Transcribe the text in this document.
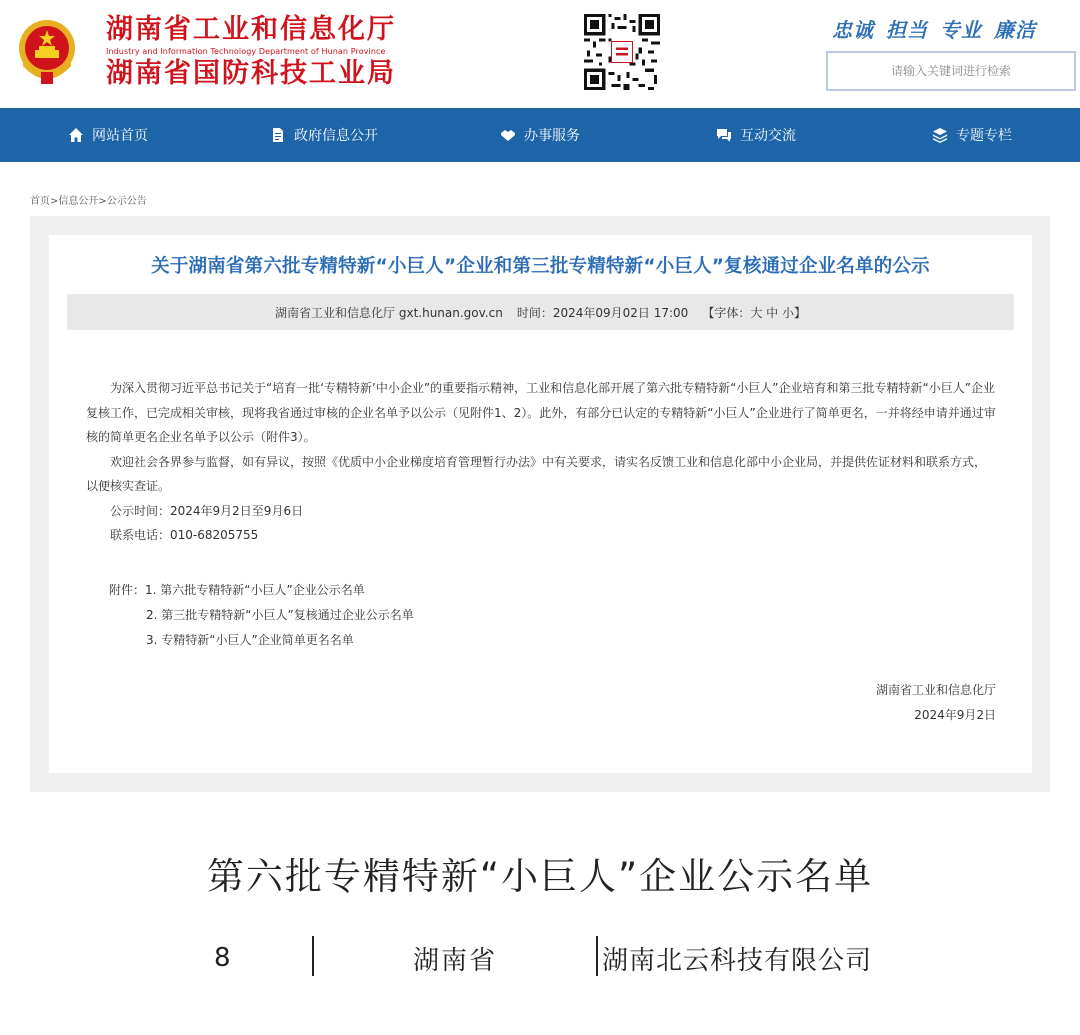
湖南省工业和信息化厅
Industry and Information Technology Department of Hunan Province
湖南省国防科技工业局
忠诚 担当 专业 廉洁
请输入关键词进行检索
网站首页	政府信息公开	办事服务	互动交流	专题专栏
首页>信息公开>公示公告
关于湖南省第六批专精特新“小巨人”企业和第三批专精特新“小巨人”复核通过企业名单的公示
湖南省工业和信息化厅 gxt.hunan.gov.cn 时间：2024年09月02日 17:00 【字体：大 中 小】

为深入贯彻习近平总书记关于“培育一批‘专精特新’中小企业”的重要指示精神，工业和信息化部开展了第六批专精特新“小巨人”企业培育和第三批专精特新“小巨人”企业复核工作，已完成相关审核，现将我省通过审核的企业名单予以公示（见附件1、2）。此外，有部分已认定的专精特新“小巨人”企业进行了简单更名，一并将经申请并通过审核的简单更名企业名单予以公示（附件3）。

欢迎社会各界参与监督，如有异议，按照《优质中小企业梯度培育管理暂行办法》中有关要求，请实名反馈工业和信息化部中小企业局，并提供佐证材料和联系方式，以便核实查证。

公示时间：2024年9月2日至9月6日

联系电话：010-68205755

附件：1. 第六批专精特新“小巨人”企业公示名单
2. 第三批专精特新“小巨人”复核通过企业公示名单
3. 专精特新“小巨人”企业简单更名名单
湖南省工业和信息化厅
2024年9月2日
第六批专精特新“小巨人”企业公示名单
8	湖南省	湖南北云科技有限公司
